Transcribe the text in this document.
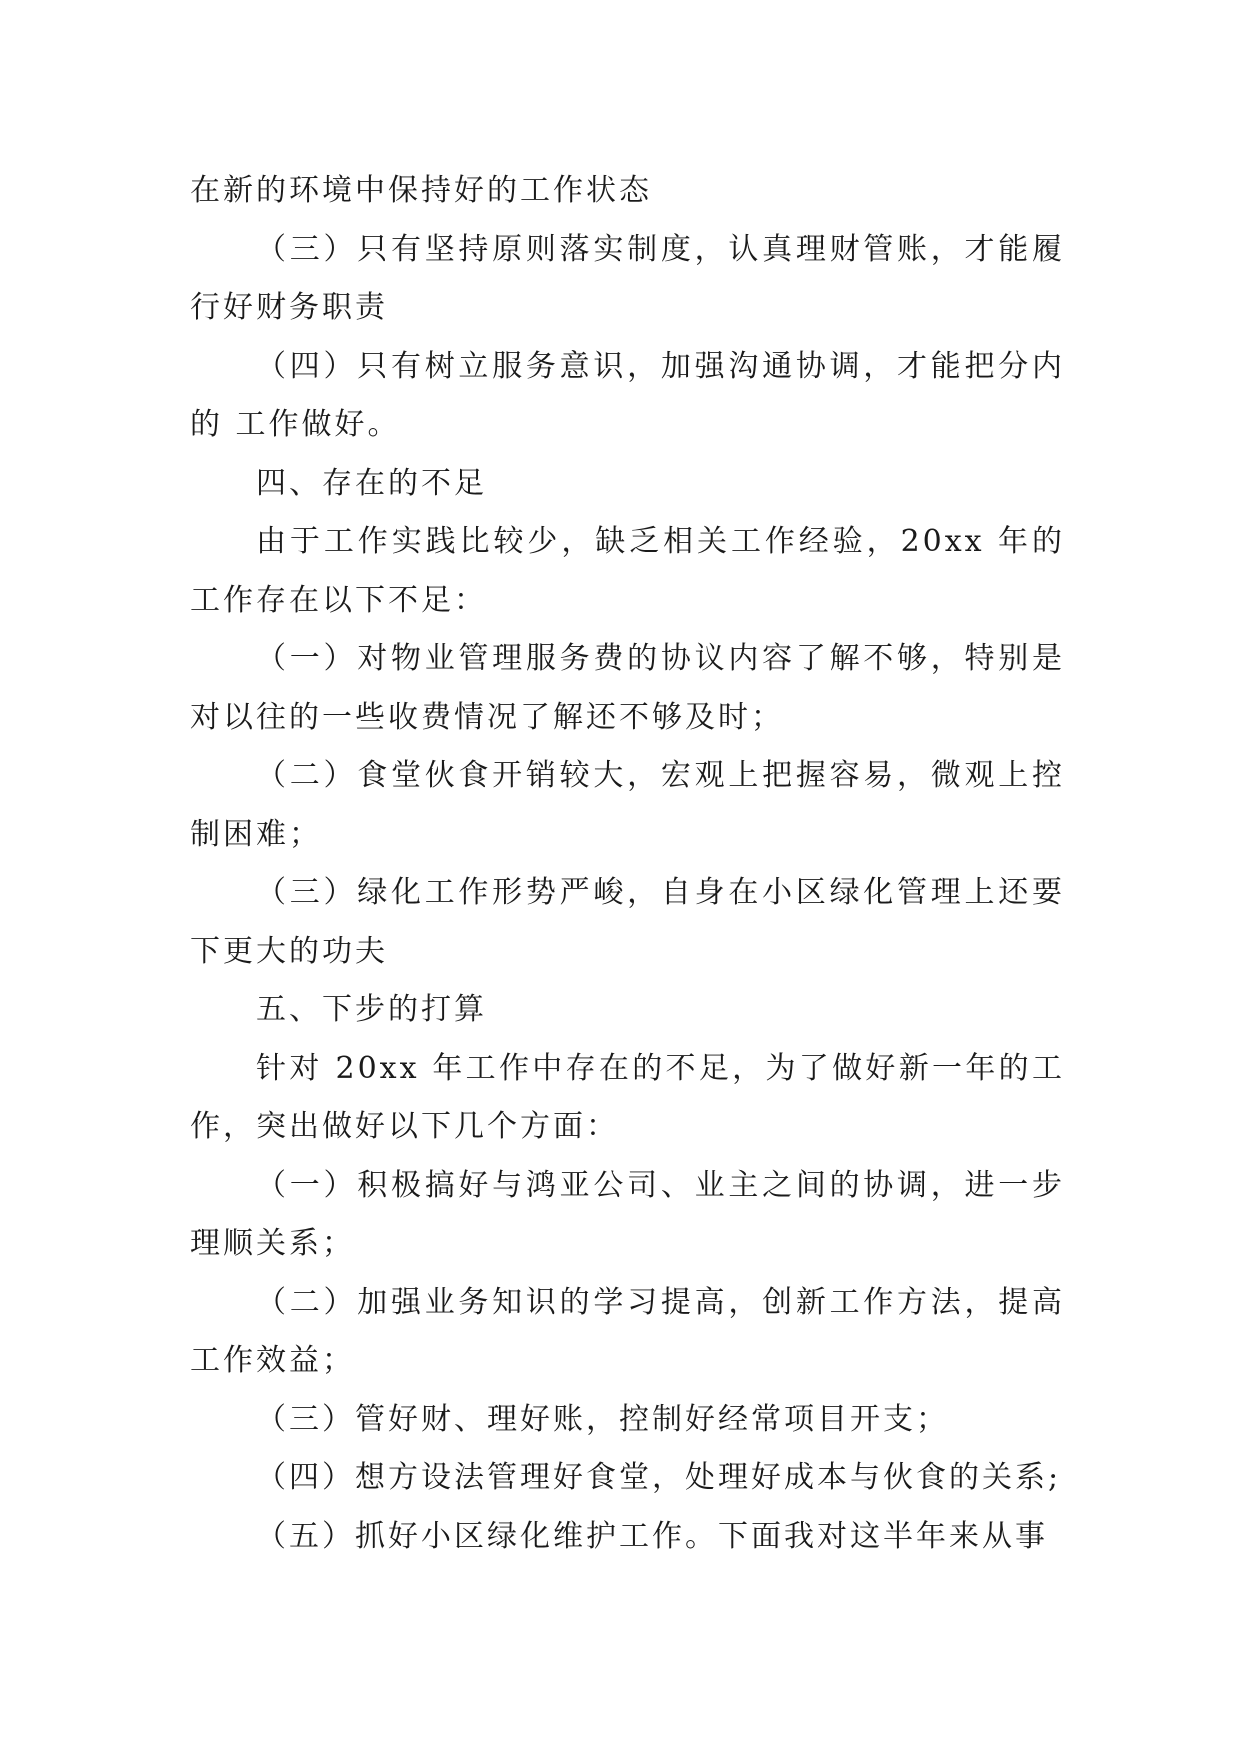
在新的环境中保持好的工作状态

（三）只有坚持原则落实制度，认真理财管账，才能履行好财务职责

（四）只有树立服务意识，加强沟通协调，才能把分内的 工作做好。

四、存在的不足

由于工作实践比较少，缺乏相关工作经验，20xx 年的工作存在以下不足：

（一）对物业管理服务费的协议内容了解不够，特别是对以往的一些收费情况了解还不够及时；

（二）食堂伙食开销较大，宏观上把握容易，微观上控制困难；

（三）绿化工作形势严峻，自身在小区绿化管理上还要下更大的功夫

五、下步的打算

针对 20xx 年工作中存在的不足，为了做好新一年的工作，突出做好以下几个方面：

（一）积极搞好与鸿亚公司、业主之间的协调，进一步理顺关系；

（二）加强业务知识的学习提高，创新工作方法，提高工作效益；

（三）管好财、理好账，控制好经常项目开支；

（四）想方设法管理好食堂，处理好成本与伙食的关系;

（五）抓好小区绿化维护工作。下面我对这半年来从事
